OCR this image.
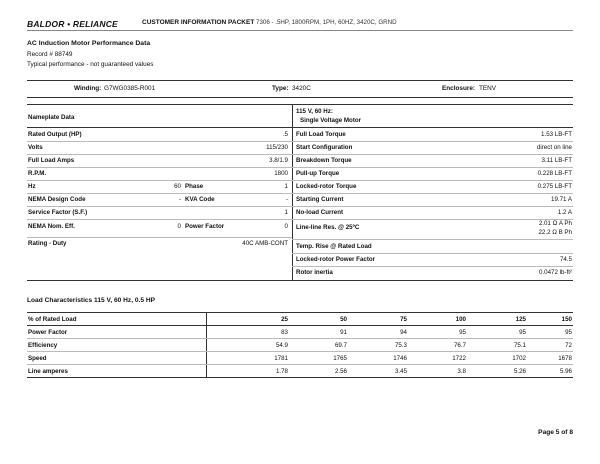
BALDOR • RELIANCE	CUSTOMER INFORMATION PACKET 7306 - .5HP, 1800RPM, 1PH, 60HZ, 3420C, GRND
AC Induction Motor Performance Data
Record # 88749
Typical performance - not guaranteed values
Winding: G7WG0385-R001	Type: 3420C	Enclosure: TENV
Nameplate Data
115 V, 60 Hz:
Single Voltage Motor
Rated Output (HP)	.5
Volts	115/230
Full Load Amps	3.8/1.9
R.P.M.	1800
Hz	60 Phase	1
NEMA Design Code	- KVA Code	-
Service Factor (S.F.)	1
NEMA Nom. Eff.	0 Power Factor	0
Rating - Duty	40C AMB-CONT
Full Load Torque	1.53 LB-FT
Start Configuration	direct on line
Breakdown Torque	3.11 LB-FT
Pull-up Torque	0.228 LB-FT
Locked-rotor Torque	0.275 LB-FT
Starting Current	19.71 A
No-load Current	1.2 A
Line-line Res. @ 25ºC
2.01 Ω A Ph
22.2 Ω B Ph
Temp. Rise @ Rated Load
Locked-rotor Power Factor	74.5
Rotor inertia	0.0472 lb-ft²
Load Characteristics 115 V, 60 Hz, 0.5 HP
% of Rated Load	25	50	75	100	125	150
Power Factor	83	91	94	95	95	95
Efficiency	54.9	69.7	75.3	76.7	75.1	72
Speed	1781	1765	1746	1722	1702	1678
Line amperes	1.78	2.56	3.45	3.8	5.26	5.96
Page 5 of 8
